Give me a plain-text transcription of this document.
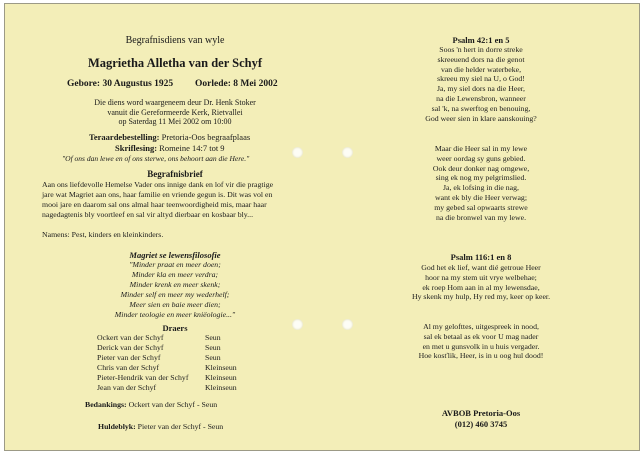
Begrafnisdiens van wyle
Magrietha Alletha van der Schyf
Gebore: 30 Augustus 1925 Oorlede: 8 Mei 2002
Die diens word waargeneem deur Dr. Henk Stoker
vanuit die Gereformeerde Kerk, Rietvallei
op Saterdag 11 Mei 2002 om 10:00
Teraardebestelling: Pretoria-Oos begraafplaas
Skriflesing: Romeine 14:7 tot 9
"Of ons dan lewe en of ons sterwe, ons behoort aan die Here."
Begrafnisbrief
Aan ons liefdevolle Hemelse Vader ons innige dank en lof vir die pragtige
jare wat Magriet aan ons, haar familie en vriende gegun is. Dit was vol en
mooi jare en daarom sal ons almal haar teenwoordigheid mis, maar haar
nagedagtenis bly voortleef en sal vir altyd dierbaar en kosbaar bly...
Namens: Pest, kinders en kleinkinders.
Magriet se lewensfilosofie
"Minder praat en meer doen;
Minder kla en meer verdra;
Minder krenk en meer skenk;
Minder self en meer my wederhelf;
Meer sien en baie meer dien;
Minder teologie en meer kniëologie..."
Draers
Ockert van der Schyf	Seun
Derick van der Schyf	Seun
Pieter van der Schyf	Seun
Chris van der Schyf	Kleinseun
Pieter-Hendrik van der Schyf	Kleinseun
Jean van der Schyf	Kleinseun
Bedankings: Ockert van der Schyf - Seun
Huldeblyk: Pieter van der Schyf - Seun
Psalm 42:1 en 5
Soos 'n hert in dorre streke
skreeuend dors na die genot
van die helder waterbeke,
skreeu my siel na U, o God!
Ja, my siel dors na die Heer,
na die Lewensbron, wanneer
sal 'k, na swerftog en benouing,
God weer sien in klare aanskouing?
Maar die Heer sal in my lewe
weer oordag sy guns gebied.
Ook deur donker nag omgewe,
sing ek nog my pelgrimslied.
Ja, ek lofsing in die nag,
want ek bly die Heer verwag;
my gebed sal opwaarts strewe
na die bronwel van my lewe.
Psalm 116:1 en 8
God het ek lief, want dié getroue Heer
hoor na my stem uit vrye welbehae;
ek roep Hom aan in al my lewensdae,
Hy skenk my hulp, Hy red my, keer op keer.
Al my gelofttes, uitgespreek in nood,
sal ek betaal as ek voor U mag nader
en met u gunsvolk in u huis vergader.
Hoe kosťlik, Heer, is in u oog hul dood!
AVBOB Pretoria-Oos
(012) 460 3745
